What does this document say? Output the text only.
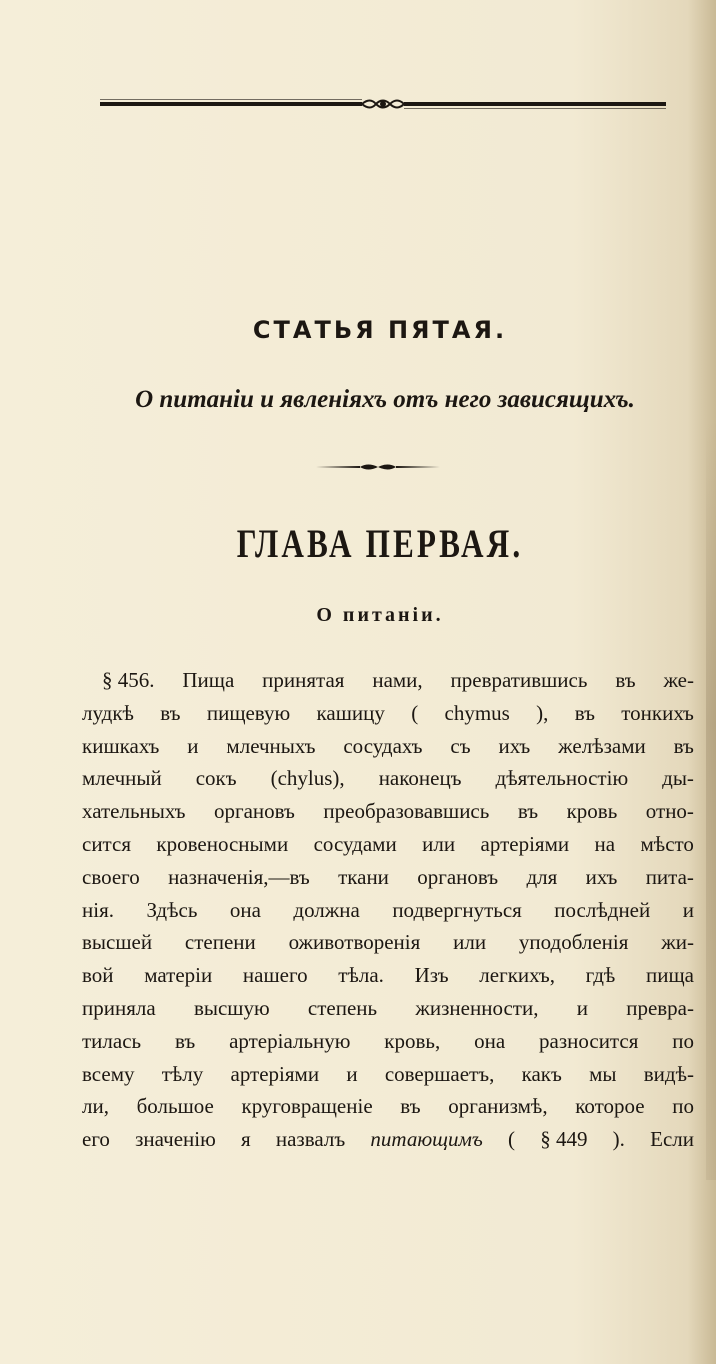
СТАТЬЯ ПЯТАЯ.
О питаніи и явленіяхъ отъ него зависящихъ.
ГЛАВА ПЕРВАЯ.
О питаніи.
§ 456. Пища принятая нами, превратившись въ же-
лудкѣ въ пищевую кашицу ( chymus ), въ тонкихъ
кишкахъ и млечныхъ сосудахъ съ ихъ желѣзами въ
млечный сокъ (chylus), наконецъ дѣятельностію ды-
хательныхъ органовъ преобразовавшись въ кровь отно-
сится кровеносными сосудами или артеріями на мѣсто
своего назначенія,—въ ткани органовъ для ихъ пита-
нія. Здѣсь она должна подвергнуться послѣдней и
высшей степени оживотворенія или уподобленія жи-
вой матеріи нашего тѣла. Изъ легкихъ, гдѣ пища
приняла высшую степень жизненности, и превра-
тилась въ артеріальную кровь, она разносится по
всему тѣлу артеріями и совершаетъ, какъ мы видѣ-
ли, большое круговращеніе въ организмѣ, которое по
его значенію я назвалъ питающимъ ( § 449 ). Если
